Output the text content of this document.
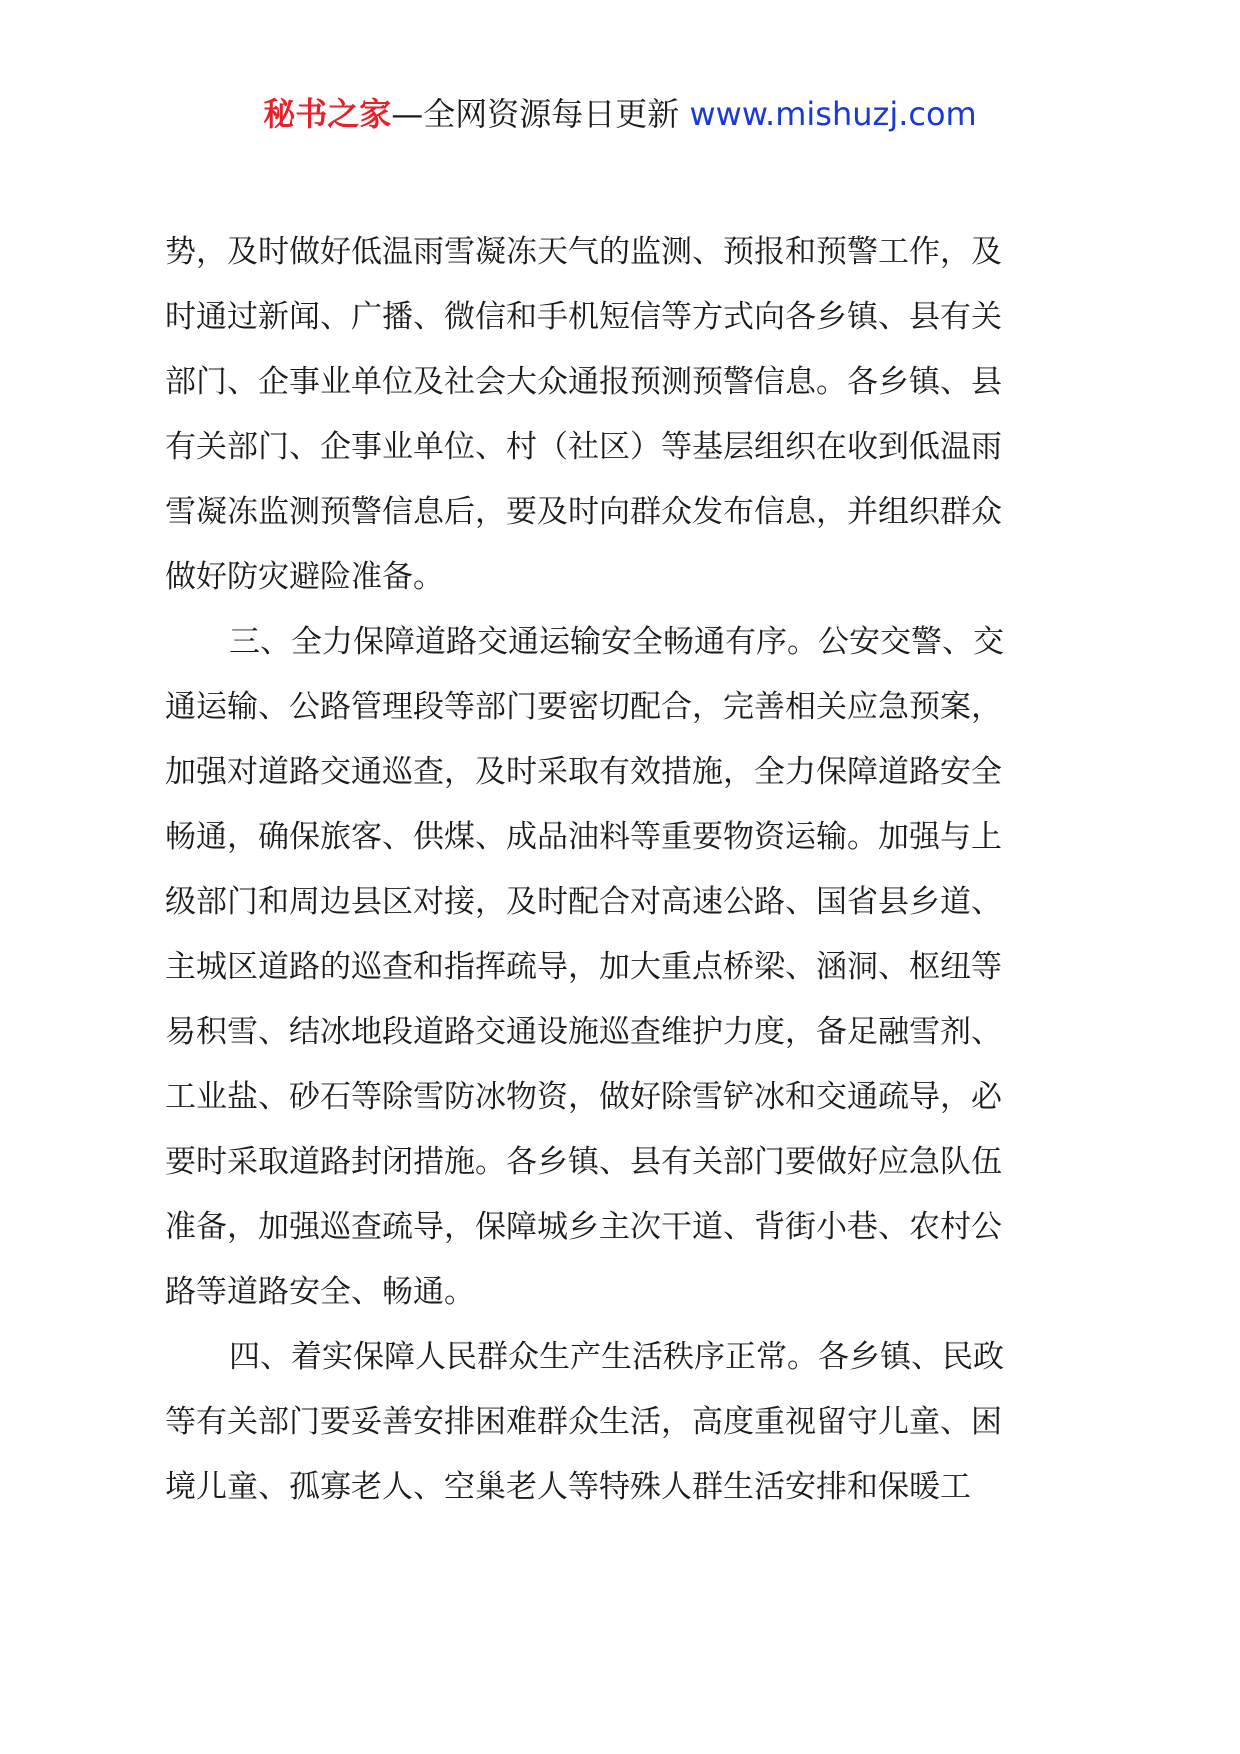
秘书之家—全网资源每日更新 www.mishuzj.com
势，及时做好低温雨雪凝冻天气的监测、预报和预警工作，及
时通过新闻、广播、微信和手机短信等方式向各乡镇、县有关
部门、企事业单位及社会大众通报预测预警信息。各乡镇、县
有关部门、企事业单位、村（社区）等基层组织在收到低温雨
雪凝冻监测预警信息后，要及时向群众发布信息，并组织群众
做好防灾避险准备。
三、全力保障道路交通运输安全畅通有序。公安交警、交
通运输、公路管理段等部门要密切配合，完善相关应急预案，
加强对道路交通巡查，及时采取有效措施，全力保障道路安全
畅通，确保旅客、供煤、成品油料等重要物资运输。加强与上
级部门和周边县区对接，及时配合对高速公路、国省县乡道、
主城区道路的巡查和指挥疏导，加大重点桥梁、涵洞、枢纽等
易积雪、结冰地段道路交通设施巡查维护力度，备足融雪剂、
工业盐、砂石等除雪防冰物资，做好除雪铲冰和交通疏导，必
要时采取道路封闭措施。各乡镇、县有关部门要做好应急队伍
准备，加强巡查疏导，保障城乡主次干道、背街小巷、农村公
路等道路安全、畅通。
四、着实保障人民群众生产生活秩序正常。各乡镇、民政
等有关部门要妥善安排困难群众生活，高度重视留守儿童、困
境儿童、孤寡老人、空巢老人等特殊人群生活安排和保暖工
